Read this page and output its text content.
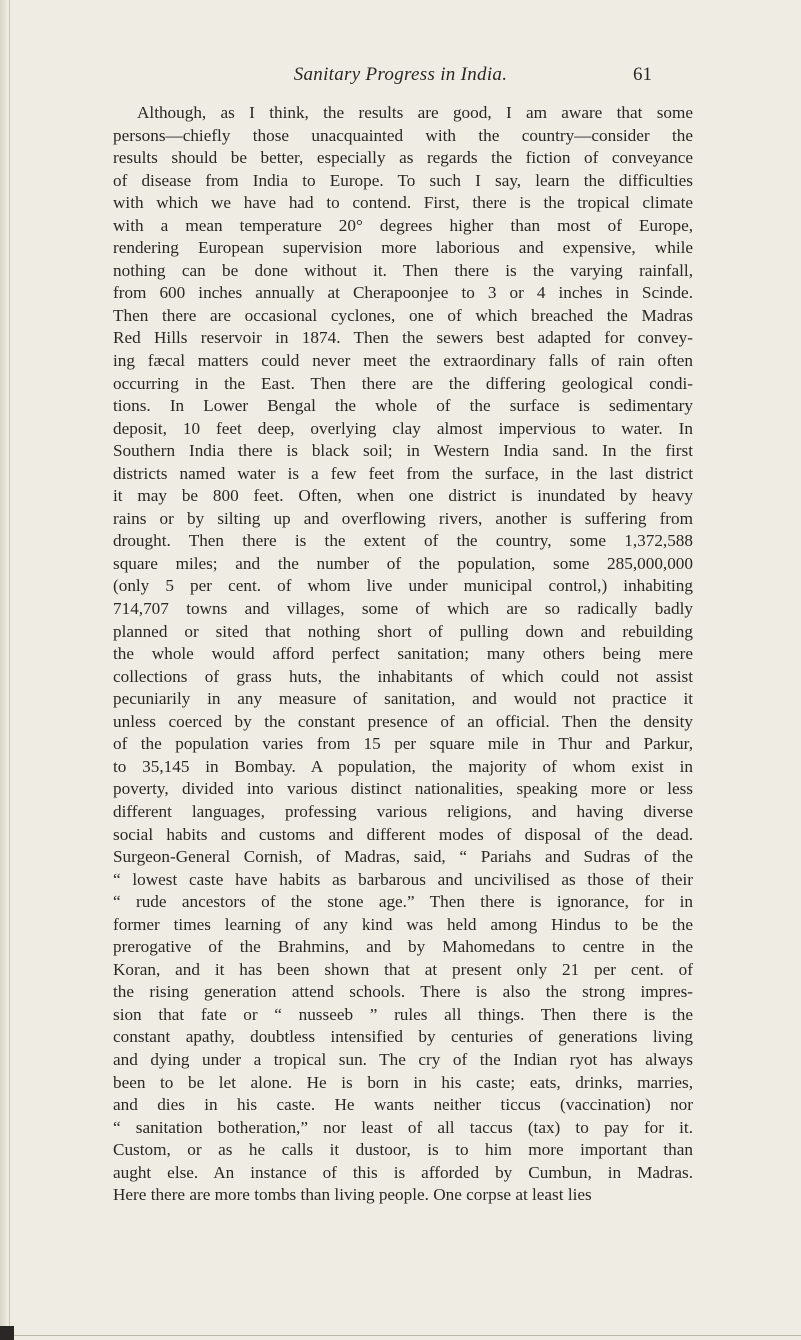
Sanitary Progress in India.	61
Although, as I think, the results are good, I am aware that some
persons—chiefly those unacquainted with the country—consider the
results should be better, especially as regards the fiction of conveyance
of disease from India to Europe. To such I say, learn the difficulties
with which we have had to contend. First, there is the tropical climate
with a mean temperature 20° degrees higher than most of Europe,
rendering European supervision more laborious and expensive, while
nothing can be done without it. Then there is the varying rainfall,
from 600 inches annually at Cherapoonjee to 3 or 4 inches in Scinde.
Then there are occasional cyclones, one of which breached the Madras
Red Hills reservoir in 1874. Then the sewers best adapted for convey-
ing fæcal matters could never meet the extraordinary falls of rain often
occurring in the East. Then there are the differing geological condi-
tions. In Lower Bengal the whole of the surface is sedimentary
deposit, 10 feet deep, overlying clay almost impervious to water. In
Southern India there is black soil; in Western India sand. In the first
districts named water is a few feet from the surface, in the last district
it may be 800 feet. Often, when one district is inundated by heavy
rains or by silting up and overflowing rivers, another is suffering from
drought. Then there is the extent of the country, some 1,372,588
square miles; and the number of the population, some 285,000,000
(only 5 per cent. of whom live under municipal control,) inhabiting
714,707 towns and villages, some of which are so radically badly
planned or sited that nothing short of pulling down and rebuilding
the whole would afford perfect sanitation; many others being mere
collections of grass huts, the inhabitants of which could not assist
pecuniarily in any measure of sanitation, and would not practice it
unless coerced by the constant presence of an official. Then the density
of the population varies from 15 per square mile in Thur and Parkur,
to 35,145 in Bombay. A population, the majority of whom exist in
poverty, divided into various distinct nationalities, speaking more or less
different languages, professing various religions, and having diverse
social habits and customs and different modes of disposal of the dead.
Surgeon-General Cornish, of Madras, said, “ Pariahs and Sudras of the
“ lowest caste have habits as barbarous and uncivilised as those of their
“ rude ancestors of the stone age.” Then there is ignorance, for in
former times learning of any kind was held among Hindus to be the
prerogative of the Brahmins, and by Mahomedans to centre in the
Koran, and it has been shown that at present only 21 per cent. of
the rising generation attend schools. There is also the strong impres-
sion that fate or “ nusseeb ” rules all things. Then there is the
constant apathy, doubtless intensified by centuries of generations living
and dying under a tropical sun. The cry of the Indian ryot has always
been to be let alone. He is born in his caste; eats, drinks, marries,
and dies in his caste. He wants neither ticcus (vaccination) nor
“ sanitation botheration,” nor least of all taccus (tax) to pay for it.
Custom, or as he calls it dustoor, is to him more important than
aught else. An instance of this is afforded by Cumbun, in Madras.
Here there are more tombs than living people. One corpse at least lies
